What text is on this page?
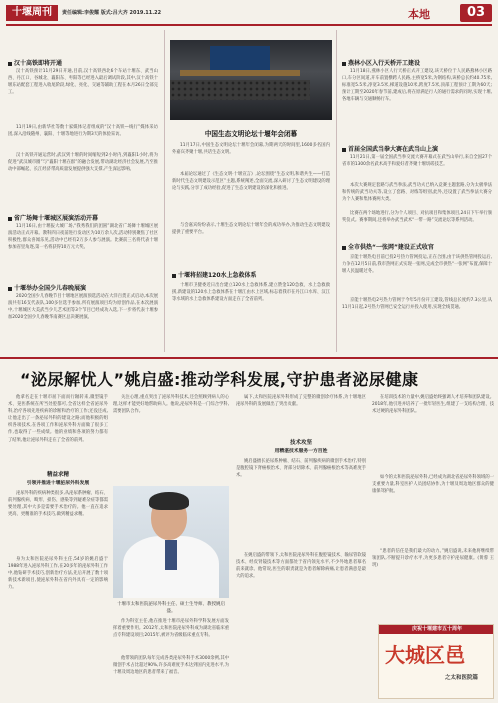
十堰周刊	责任编辑:李俊耀 版式:吕大齐 2019.11.22	本地	03
汉十高铁即将开通
汉十高铁预计11月29日开通,目前,汉十高铁西北6个车站十堰东、武当山西、丹江口、谷城北、襄阳东、枣阳等已经进入最后调试阶段,其中,汉十高铁十堰东站配套工程进入收尾阶段,绿化、亮化、交通等辅助工程在本月26日全部完工。
11月19日,由新华社等数十家媒体记者组成的“汉十高铁—线行”媒体采访团,深入沿线随州、襄阳、十堰等地进行为期3天的体验采访。
汉十高铁开通运营时,武汉到十堰的时间缩短到2小时内,到襄阳1小时,将为促进“武汉城市圈”与“襄阳十堰在群”的融合发展,带动湖北经济社会发展,乃至推动中部崛起、长江经济带高质量发展提供强大支撑,产生深远影响。
省广场舞十堰城区展演活动开幕
11月16日,由十堰报大城厂场,“我秀我们的团圆”湖北省广场舞十堰城区展演活动正式开幕。教科四日夜前进行发动区为10万余人次,活动特别聚焦了社区积极性,群众喜闻乐见,活动中已经有2万多人参与展演。比赛前三名将代表十堰参加省里角逐,第一名将获得10万元大奖。
十堰举办全国少儿春晚展演
2020全国少儿春晚节目十堰地区展演预选活动在大洋百货正式启动,本次展演共有16支代表队,100多位选手参加,所有展演项目均为原创作品,在本次展演中,十堰城区大美武当少儿艺术团等3个节目已经成功入选,下一步将代表十堰参加2020全国少儿春晚华南赛区总决赛展演。
中国生态文明论坛十堰年会闭幕
11月17日,中国生态文明论坛十堰年会闭幕,为期两天的时间里,1600多名国内外嘉宾齐聚十堰,共话生态文明。
本届论坛通过了《生态文明·十堰宣言》,论坛围绕“生态文明,和谐共生——打造新时代生态文明建设示范区”主题,系统阐述,全面交流,深入研讨了生态文明建设的理论与实践,分享了成功经验,促进了生态文明建设的深化和推进。
与会嘉宾纷纷表示,十堰生态文明论坛十堰年会的成功举办,为推动生态文明建设提供了重要平台。
十堰将招建120水上急救体系
十堰市卫健委近日出台建立120水上急救体系,建立赞金120急救、水上急救救援,新建设的120水上急救体系在十堰江由水上区域,标志着我市在丹江口水库、汉江等水域的水上急救体系建设方面走在了全省前列。
燕林小区入行天桥开工建设
11月18日,燕林小区人行天桥正式开工建设,该天桥位于人民路燕林小区路口,车分区间道,开车前置横跨人民路,主桥宽5米,为钢结构,该桥总长约40.75米,标准宽5.5米,净宽3.5米,梯道设施10米,跨度7.5米,顶部工程预计工期为60天;预计工期至2020年春节前,建成后,将在原满足行人的通行需求的同时,实现十堰,各地车辆与交通顺畅行车。
首届全国武当拳大赛在武当山上演
11月21日,第一届全国武当拳交流大赛开幕式在武当山举行,来自全国27个省市的1300余名武术高手和爱好者齐聚十堰切磋技艺。
本次大赛规定套路与武当拳法,武当功夫已纳入竞赛主题套路,分为太极拳法和传统的武当功夫等,设立了套路、对练等组别,此外,还设置了武当拳法大赛分为个人赛和集体赛两大类。
比赛在两个场地进行,分为个人项目、对抗项目和集体项目,24日下午举行颁奖仪式。赛事期间,还将举办武当武术“一带一路”交流论坛等系列活动。
全市供热“一张网”建设正式收官
京能十堰热电目前已投2号热力管网投运,正在合围,由于该供热管网投运后,力争在12月5日前,我市热网正式实现一张网,完成全市供热“一张网”布置,保障十堰人民温暖过冬。
京能十堰热电2号热力管网于今年5月份开工建设,管线总长度约7.3公里,从11月1日起,2号热力管网已安全运行并投入使用,实现全线贯通。
“泌尿解忧人”姚启盛:推动学科发展,守护患者泌尿健康
他拿名走在十堰市屈下面而行辗转来,微型镜手术、晃医系统在所当处腔都可,全省这样全省泌尿外科,治疗各项先进疾病的诊断和治疗的工作;还没还成,让他走出了一条泌尿外科的建设之路;而他积极的组织各项技术,在各项工作和泌尿外科方面做了很多工作,也取得了一些成绩。他的业绩和各项的努力都有了结果,他让泌尿外科走在了全省的前列。
精益求精
引领并推进十堰泌尿外科发展
泌尿外科的疾病种类很多,从泌尿系肿瘤、结石、前列腺疾病、畸形、损伤、感染等到疑难杂症等都需要处理,其中大多是需要手术治疗的。他一直在追求更高、更精准的手术技巧,做到精益求精。
身为太和医院泌尿外科主任,54岁的姚启盛于1988年进入泌尿外科工作,在20多年的泌尿外科工作中,他钻研手术技巧,创新治疗方法,先后开展了数十项新技术新项目,使泌尿外科在省内外具有一定的影响力。
关注心理,重点突出了泌尿外科技术,还会照顾到病人的心理,这样才能更好地帮助病人。他说,泌尿外科是一门综合学科,需要团队合作。
十堰市太和医院泌尿外科主任、硕士生导师、教授姚启盛。
作为科室主任,他在推进十堰市泌尿外科学科发展方面发挥着重要作用。2012年,太和医院泌尿外科成为湖北省临床重点专科建设项目;2015年,被评为省级临床重点专科。
他带领的团队每年完成各类泌尿外科手术3000余例,其中微创手术占比超过90%,许多高难度手术达到国内先进水平,为十堰及周边地区的患者带来了福音。
属下,太和医院泌尿外科形成了完整的微创诊疗体系,为十堰地区泌尿外科的发展做出了突出贡献。
技术攻坚
用精湛技术服务一方百姓
姚启盛擅长泌尿系肿瘤、结石、前列腺疾病的微创手术治疗,特别是腹腔镜下肾癌根治术、肾部分切除术、前列腺癌根治术等高难度手术。
在姚启盛的带领下,太和医院泌尿外科在腹腔镜技术、输尿管软镜技术、经皮肾镜技术等方面都处于省内领先水平,不少外地患者慕名前来就诊。他常说,医生的职责就是为患者解除病痛,让患者满意是最大的追求。
在培训技术的力量中,姚启盛始终强调人才培养和团队建设。2018年,他引进并培养了一批年轻医生,组建了一支结构合理、技术过硬的泌尿外科团队。
如今的太和医院泌尿外科,已经成为湖北省泌尿外科领域的一支重要力量,科室医护人员团结协作,为十堰及周边地区群众的健康保驾护航。
“患者的信任是我们最大的动力。”姚启盛说,未来他将继续带领团队,不断提升诊疗水平,为更多患者守护泌尿健康。(黄蓉 王玥)
庆祝十堰建市五十周年
大城区邑
之太和医院篇
